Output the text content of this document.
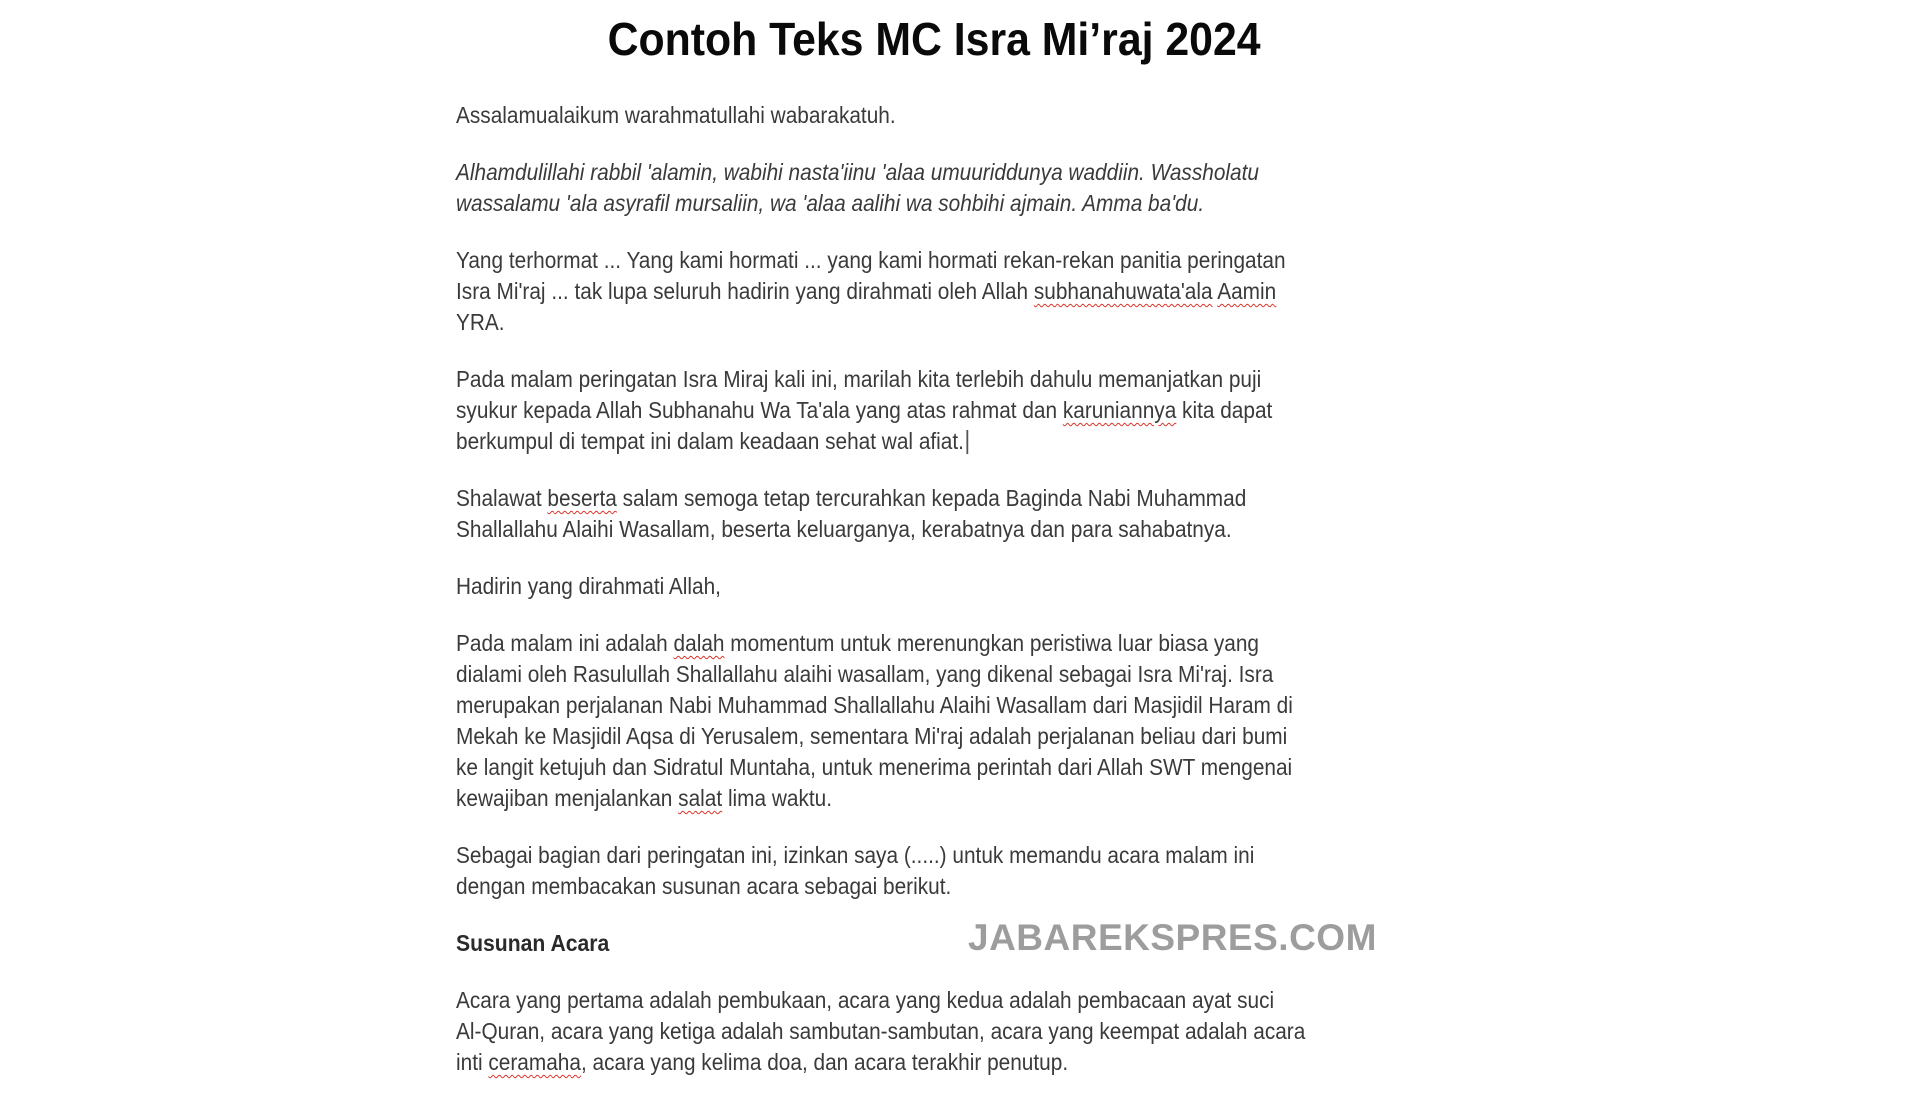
Contoh Teks MC Isra Mi’raj 2024

Assalamualaikum warahmatullahi wabarakatuh.

Alhamdulillahi rabbil 'alamin, wabihi nasta'iinu 'alaa umuuriddunya waddiin. Wassholatu
wassalamu 'ala asyrafil mursaliin, wa 'alaa aalihi wa sohbihi ajmain. Amma ba'du.

Yang terhormat ... Yang kami hormati ... yang kami hormati rekan-rekan panitia peringatan
Isra Mi'raj ... tak lupa seluruh hadirin yang dirahmati oleh Allah subhanahuwata'ala Aamin
YRA.

Pada malam peringatan Isra Miraj kali ini, marilah kita terlebih dahulu memanjatkan puji
syukur kepada Allah Subhanahu Wa Ta'ala yang atas rahmat dan karuniannya kita dapat
berkumpul di tempat ini dalam keadaan sehat wal afiat.

Shalawat beserta salam semoga tetap tercurahkan kepada Baginda Nabi Muhammad
Shallallahu Alaihi Wasallam, beserta keluarganya, kerabatnya dan para sahabatnya.

Hadirin yang dirahmati Allah,

Pada malam ini adalah dalah momentum untuk merenungkan peristiwa luar biasa yang
dialami oleh Rasulullah Shallallahu alaihi wasallam, yang dikenal sebagai Isra Mi'raj. Isra
merupakan perjalanan Nabi Muhammad Shallallahu Alaihi Wasallam dari Masjidil Haram di
Mekah ke Masjidil Aqsa di Yerusalem, sementara Mi'raj adalah perjalanan beliau dari bumi
ke langit ketujuh dan Sidratul Muntaha, untuk menerima perintah dari Allah SWT mengenai
kewajiban menjalankan salat lima waktu.

Sebagai bagian dari peringatan ini, izinkan saya (.....) untuk memandu acara malam ini
dengan membacakan susunan acara sebagai berikut.

Susunan Acara

Acara yang pertama adalah pembukaan, acara yang kedua adalah pembacaan ayat suci
Al-Quran, acara yang ketiga adalah sambutan-sambutan, acara yang keempat adalah acara
inti ceramaha, acara yang kelima doa, dan acara terakhir penutup.

JABAREKSPRES.COM
